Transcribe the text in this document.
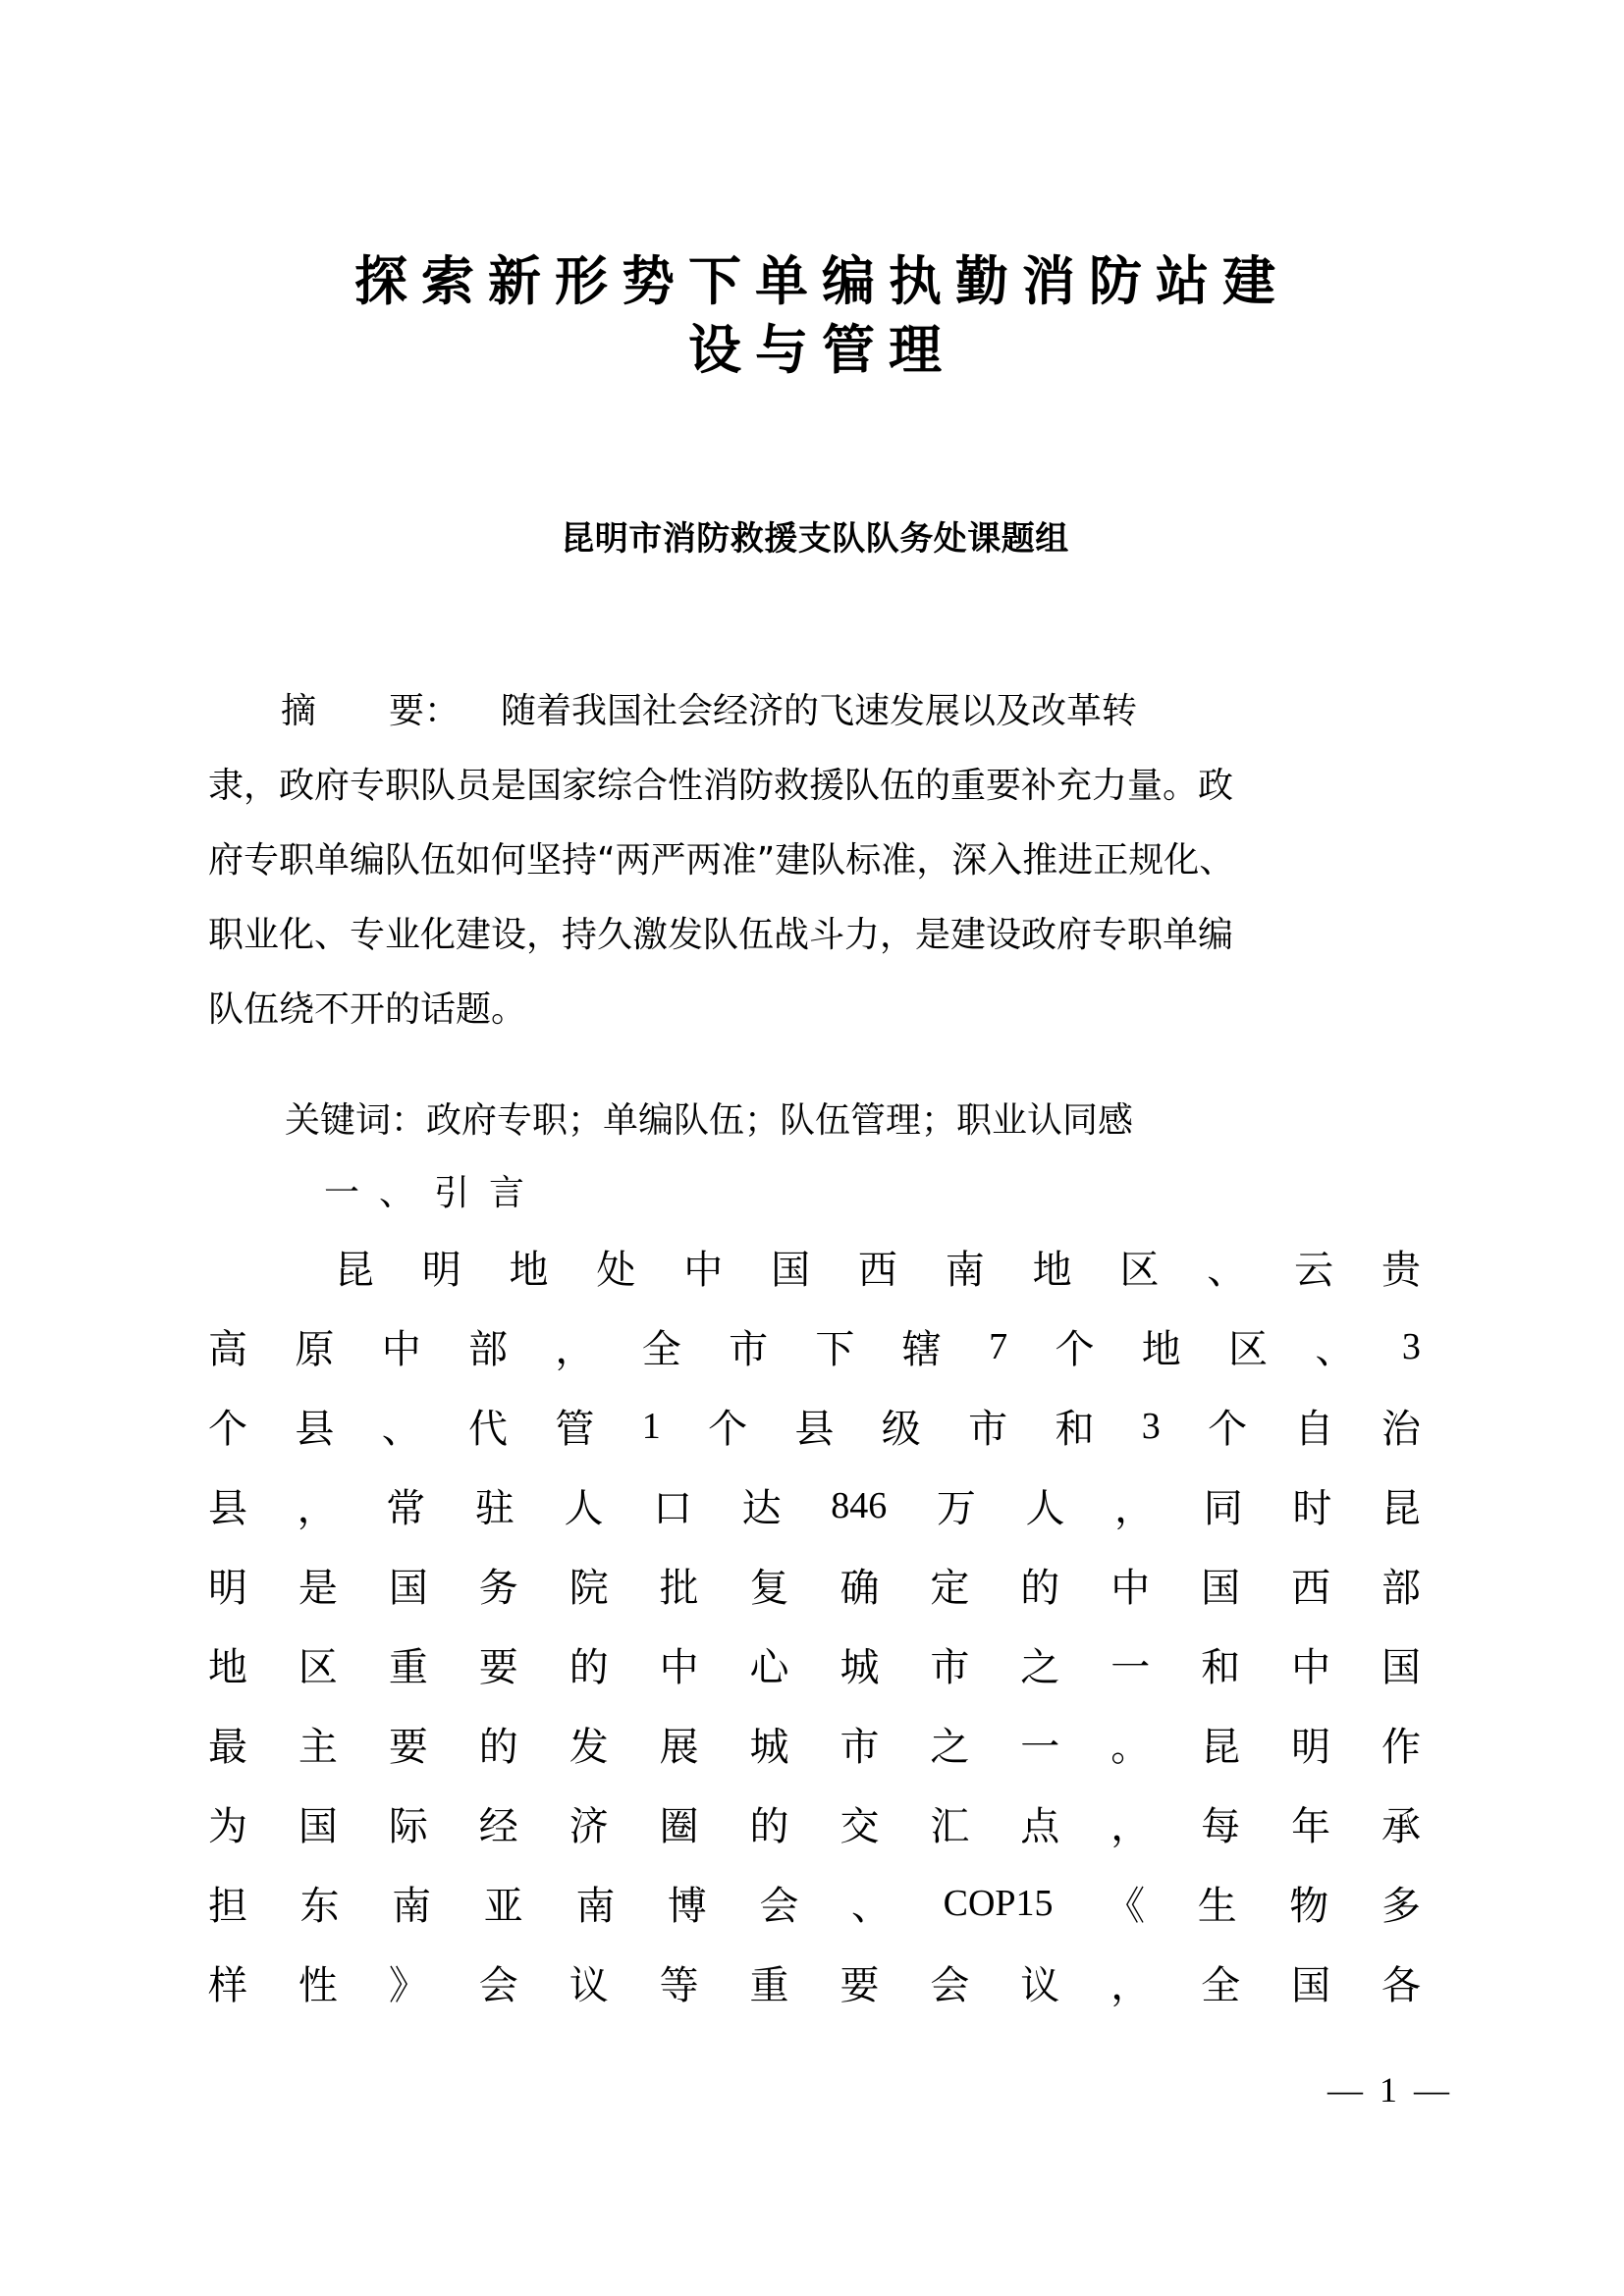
探索新形势下单编执勤消防站建
设与管理
昆明市消防救援支队队务处课题组
摘 要： 随着我国社会经济的飞速发展以及改革转
隶，政府专职队员是国家综合性消防救援队伍的重要补充力量。政
府专职单编队伍如何坚持“两严两准”建队标准，深入推进正规化、
职业化、专业化建设，持久激发队伍战斗力，是建设政府专职单编
队伍绕不开的话题。
关键词：政府专职；单编队伍；队伍管理；职业认同感
一、引言
昆 明 地 处 中 国 西 南 地 区 、 云 贵
高 原 中 部 ， 全 市 下 辖 7 个 地 区 、 3
个 县 、 代 管 1 个 县 级 市 和 3 个 自 治
县 ， 常 驻 人 口 达 846 万 人 ， 同 时 昆
明 是 国 务 院 批 复 确 定 的 中 国 西 部
地 区 重 要 的 中 心 城 市 之 一 和 中 国
最 主 要 的 发 展 城 市 之 一 。 昆 明 作
为 国 际 经 济 圈 的 交 汇 点 ， 每 年 承
担 东 南 亚 南 博 会 、 COP15 《 生 物 多
样 性 》 会 议 等 重 要 会 议 ， 全 国 各
— 1 —
